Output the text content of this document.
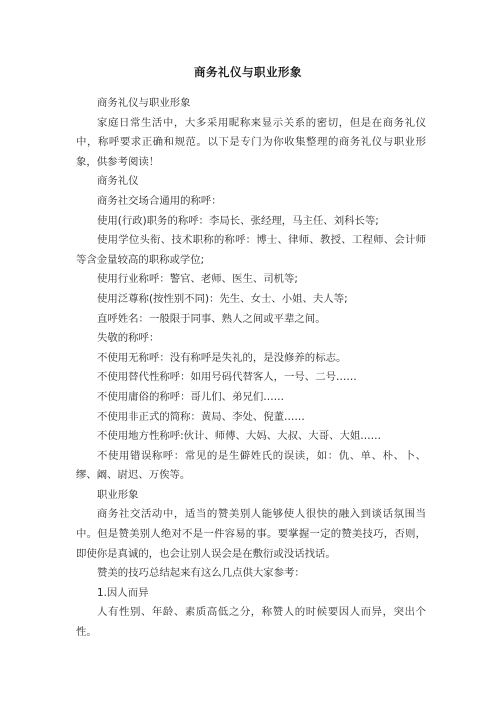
商务礼仪与职业形象

商务礼仪与职业形象

家庭日常生活中，大多采用昵称来显示关系的密切，但是在商务礼仪中，称呼要求正确和规范。以下是专门为你收集整理的商务礼仪与职业形象，供参考阅读！

商务礼仪

商务社交场合通用的称呼：

使用(行政)职务的称呼：李局长、张经理，马主任、刘科长等;

使用学位头衔、技术职称的称呼：博士、律师、教授、工程师、会计师等含金量较高的职称或学位;

使用行业称呼：警官、老师、医生、司机等;

使用泛尊称(按性别不同)：先生、女士、小姐、夫人等;

直呼姓名：一般限于同事、熟人之间或平辈之间。

失敬的称呼：

不使用无称呼：没有称呼是失礼的，是没修养的标志。

不使用替代性称呼：如用号码代替客人，一号、二号……

不使用庸俗的称呼：哥儿们、弟兄们……

不使用非正式的简称：黄局、李处、倪董……

不使用地方性称呼:伙计、师傅、大妈、大叔、大哥、大姐……

不使用错误称呼：常见的是生僻姓氏的误读，如：仇、单、朴、卜、缪、阚、尉迟、万俟等。

职业形象

商务社交活动中，适当的赞美别人能够使人很快的融入到谈话氛围当中。但是赞美别人绝对不是一件容易的事。要掌握一定的赞美技巧，否则，即使你是真诚的，也会让别人误会是在敷衍或没话找话。

赞美的技巧总结起来有这么几点供大家参考：

1.因人而异

人有性别、年龄、素质高低之分，称赞人的时候要因人而异，突出个性。
